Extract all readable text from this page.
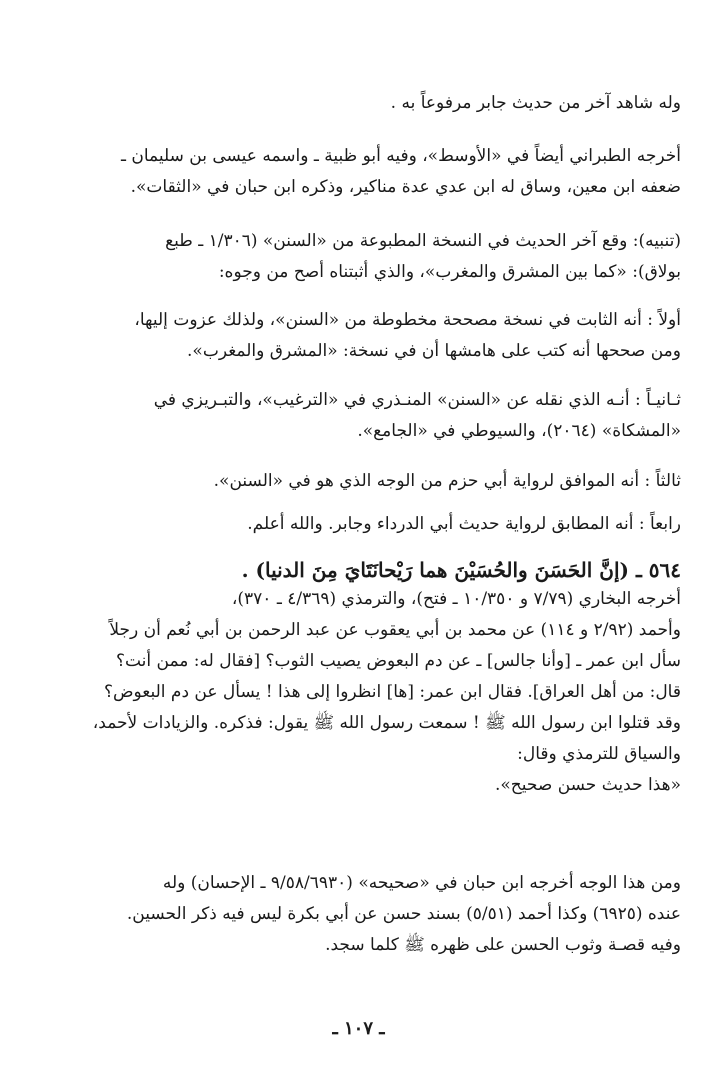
وله شاهد آخر من حديث جابر مرفوعاً به .
أخرجه الطبراني أيضاً في «الأوسط»، وفيه أبو ظبية ـ واسمه عيسى بن سليمان ـ
ضعفه ابن معين، وساق له ابن عدي عدة مناكير، وذكره ابن حبان في «الثقات».
(تنبيه): وقع آخر الحديث في النسخة المطبوعة من «السنن» (١/٣٠٦ ـ طبع
بولاق): «كما بين المشرق والمغرب»، والذي أثبتناه أصح من وجوه:
أولاً : أنه الثابت في نسخة مصححة مخطوطة من «السنن»، ولذلك عزوت إليها،
ومن صححها أنه كتب على هامشها أن في نسخة: «المشرق والمغرب».
ثـانيـاً : أنـه الذي نقله عن «السنن» المنـذري في «الترغيب»، والتبـريزي في
«المشكاة» (٢٠٦٤)، والسيوطي في «الجامع».
ثالثاً : أنه الموافق لرواية أبي حزم من الوجه الذي هو في «السنن».
رابعاً : أنه المطابق لرواية حديث أبي الدرداء وجابر. والله أعلم.
٥٦٤ ـ (إنَّ الحَسَنَ والحُسَيْنَ هما رَيْحانَتَايَ مِنَ الدنيا) .
أخرجه البخاري (٧/٧٩ و ١٠/٣٥٠ ـ فتح)، والترمذي (٤/٣٦٩ ـ ٣٧٠)،
وأحمد (٢/٩٢ و ١١٤) عن محمد بن أبي يعقوب عن عبد الرحمن بن أبي نُعم أن رجلاً
سأل ابن عمر ـ [وأنا جالس] ـ عن دم البعوض يصيب الثوب؟ [فقال له: ممن أنت؟
قال: من أهل العراق]. فقال ابن عمر: [ها] انظروا إلى هذا ! يسأل عن دم البعوض؟
وقد قتلوا ابن رسول الله ﷺ ! سمعت رسول الله ﷺ يقول: فذكره. والزيادات لأحمد،
والسياق للترمذي وقال:
«هذا حديث حسن صحيح».
ومن هذا الوجه أخرجه ابن حبان في «صحيحه» (٩/٥٨/٦٩٣٠ ـ الإحسان) وله
عنده (٦٩٢٥) وكذا أحمد (٥/٥١) بسند حسن عن أبي بكرة ليس فيه ذكر الحسين.
وفيه قصـة وثوب الحسن على ظهره ﷺ كلما سجد.
ـ ١٠٧ ـ
